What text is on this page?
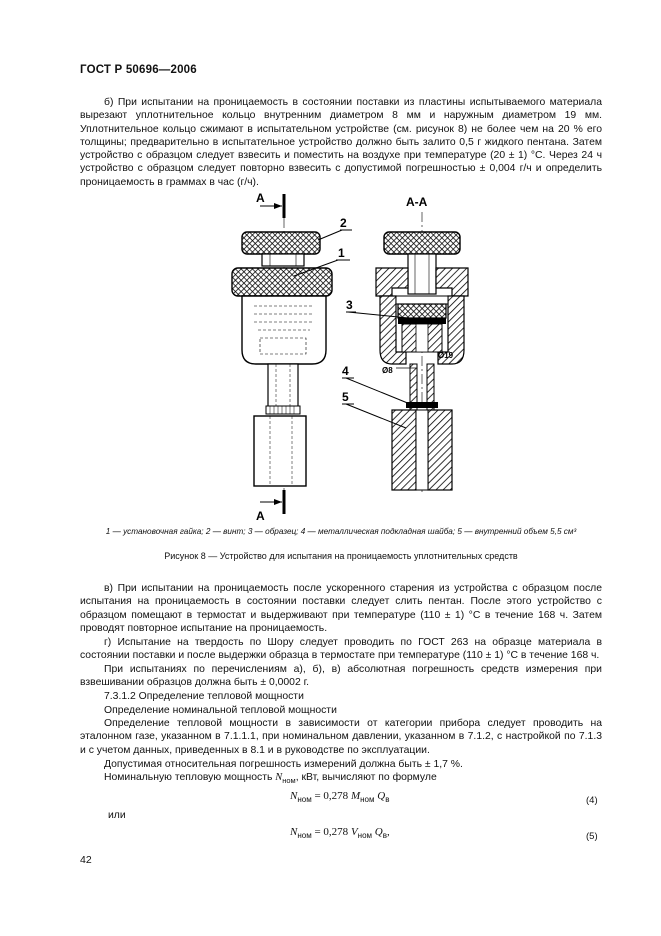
ГОСТ Р 50696—2006
б) При испытании на проницаемость в состоянии поставки из пластины испытываемого материала вырезают уплотнительное кольцо внутренним диаметром 8 мм и наружным диаметром 19 мм. Уплотнительное кольцо сжимают в испытательном устройстве (см. рисунок 8) не более чем на 20 % его толщины; предварительно в испытательное устройство должно быть залито 0,5 г жидкого пентана. Затем устройство с образцом следует взвесить и поместить на воздухе при температуре (20 ± 1) °С. Через 24 ч устройство с образцом следует повторно взвесить с допустимой погрешностью ± 0,004 г/ч и определить проницаемость в граммах в час (г/ч).
А
А
2
1
А-А
Ø8
Ø19
3
4
5
1 — установочная гайка; 2 — винт; 3 — образец; 4 — металлическая подкладная шайба; 5 — внутренний объем 5,5 см³
Рисунок 8 — Устройство для испытания на проницаемость уплотнительных средств
в) При испытании на проницаемость после ускоренного старения из устройства с образцом после испытания на проницаемость в состоянии поставки следует слить пентан. После этого устройство с образцом помещают в термостат и выдерживают при температуре (110 ± 1) °С в течение 168 ч. Затем проводят повторное испытание на проницаемость.
г) Испытание на твердость по Шору следует проводить по ГОСТ 263 на образце материала в состоянии поставки и после выдержки образца в термостате при температуре (110 ± 1) °С в течение 168 ч.
При испытаниях по перечислениям а), б), в) абсолютная погрешность средств измерения при взвешивании образцов должна быть ± 0,0002 г.
7.3.1.2 Определение тепловой мощности
Определение номинальной тепловой мощности
Определение тепловой мощности в зависимости от категории прибора следует проводить на эталонном газе, указанном в 7.1.1.1, при номинальном давлении, указанном в 7.1.2, с настройкой по 7.1.3 и с учетом данных, приведенных в 8.1 и в руководстве по эксплуатации.
Допустимая относительная погрешность измерений должна быть ± 1,7 %.
Номинальную тепловую мощность $N_{ном}$, кВт, вычисляют по формуле
$N_{ном} = 0,278$ $M_{ном}$ $Q_в$	(4)
или
$N_{ном} = 0,278$ $V_{ном}$ $Q_в$,	(5)
42
